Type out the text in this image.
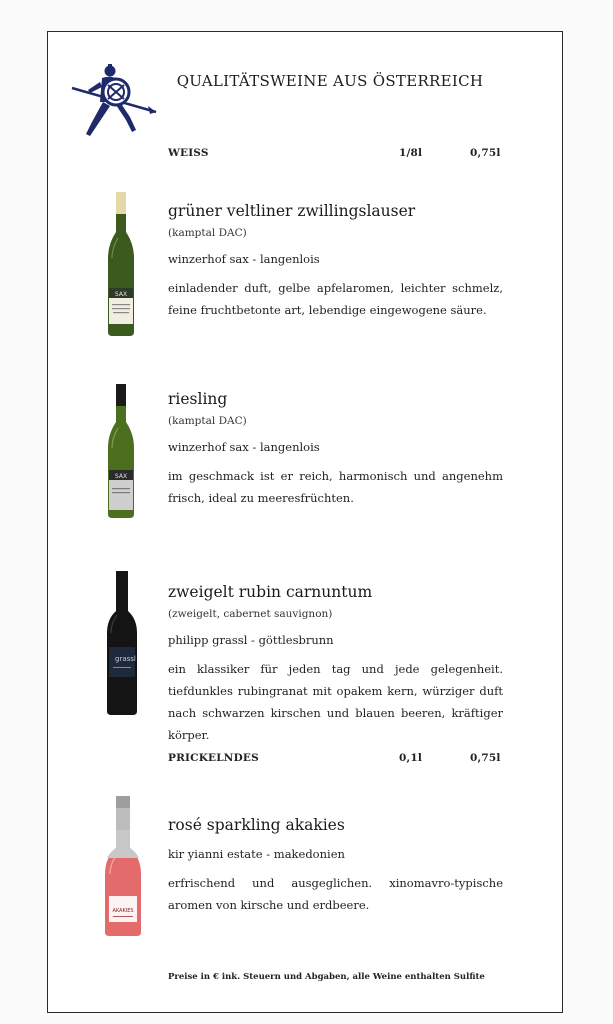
QUALITÄTSWEINE AUS ÖSTERREICH
WEISS	1/8l	0,75l
SAX
grüner veltliner zwillingslauser
(kamptal DAC)
winzerhof sax - langenlois
einladender duft, gelbe apfelaromen, leichter schmelz, feine fruchtbetonte art, lebendige eingewogene säure.
SAX
riesling
(kamptal DAC)
winzerhof sax - langenlois
im geschmack ist er reich, harmonisch und angenehm frisch, ideal zu meeresfrüchten.
grassl
zweigelt rubin carnuntum
(zweigelt, cabernet sauvignon)
philipp grassl - göttlesbrunn
ein klassiker für jeden tag und jede gelegenheit. tiefdunkles rubingranat mit opakem kern, würziger duft nach schwarzen kirschen und blauen beeren, kräftiger körper.
PRICKELNDES	0,1l	0,75l
AKAKIES
rosé sparkling akakies
kir yianni estate - makedonien
erfrischend und ausgeglichen. xinomavro-typische aromen von kirsche und erdbeere.
Preise in € ink. Steuern und Abgaben, alle Weine enthalten Sulfite
